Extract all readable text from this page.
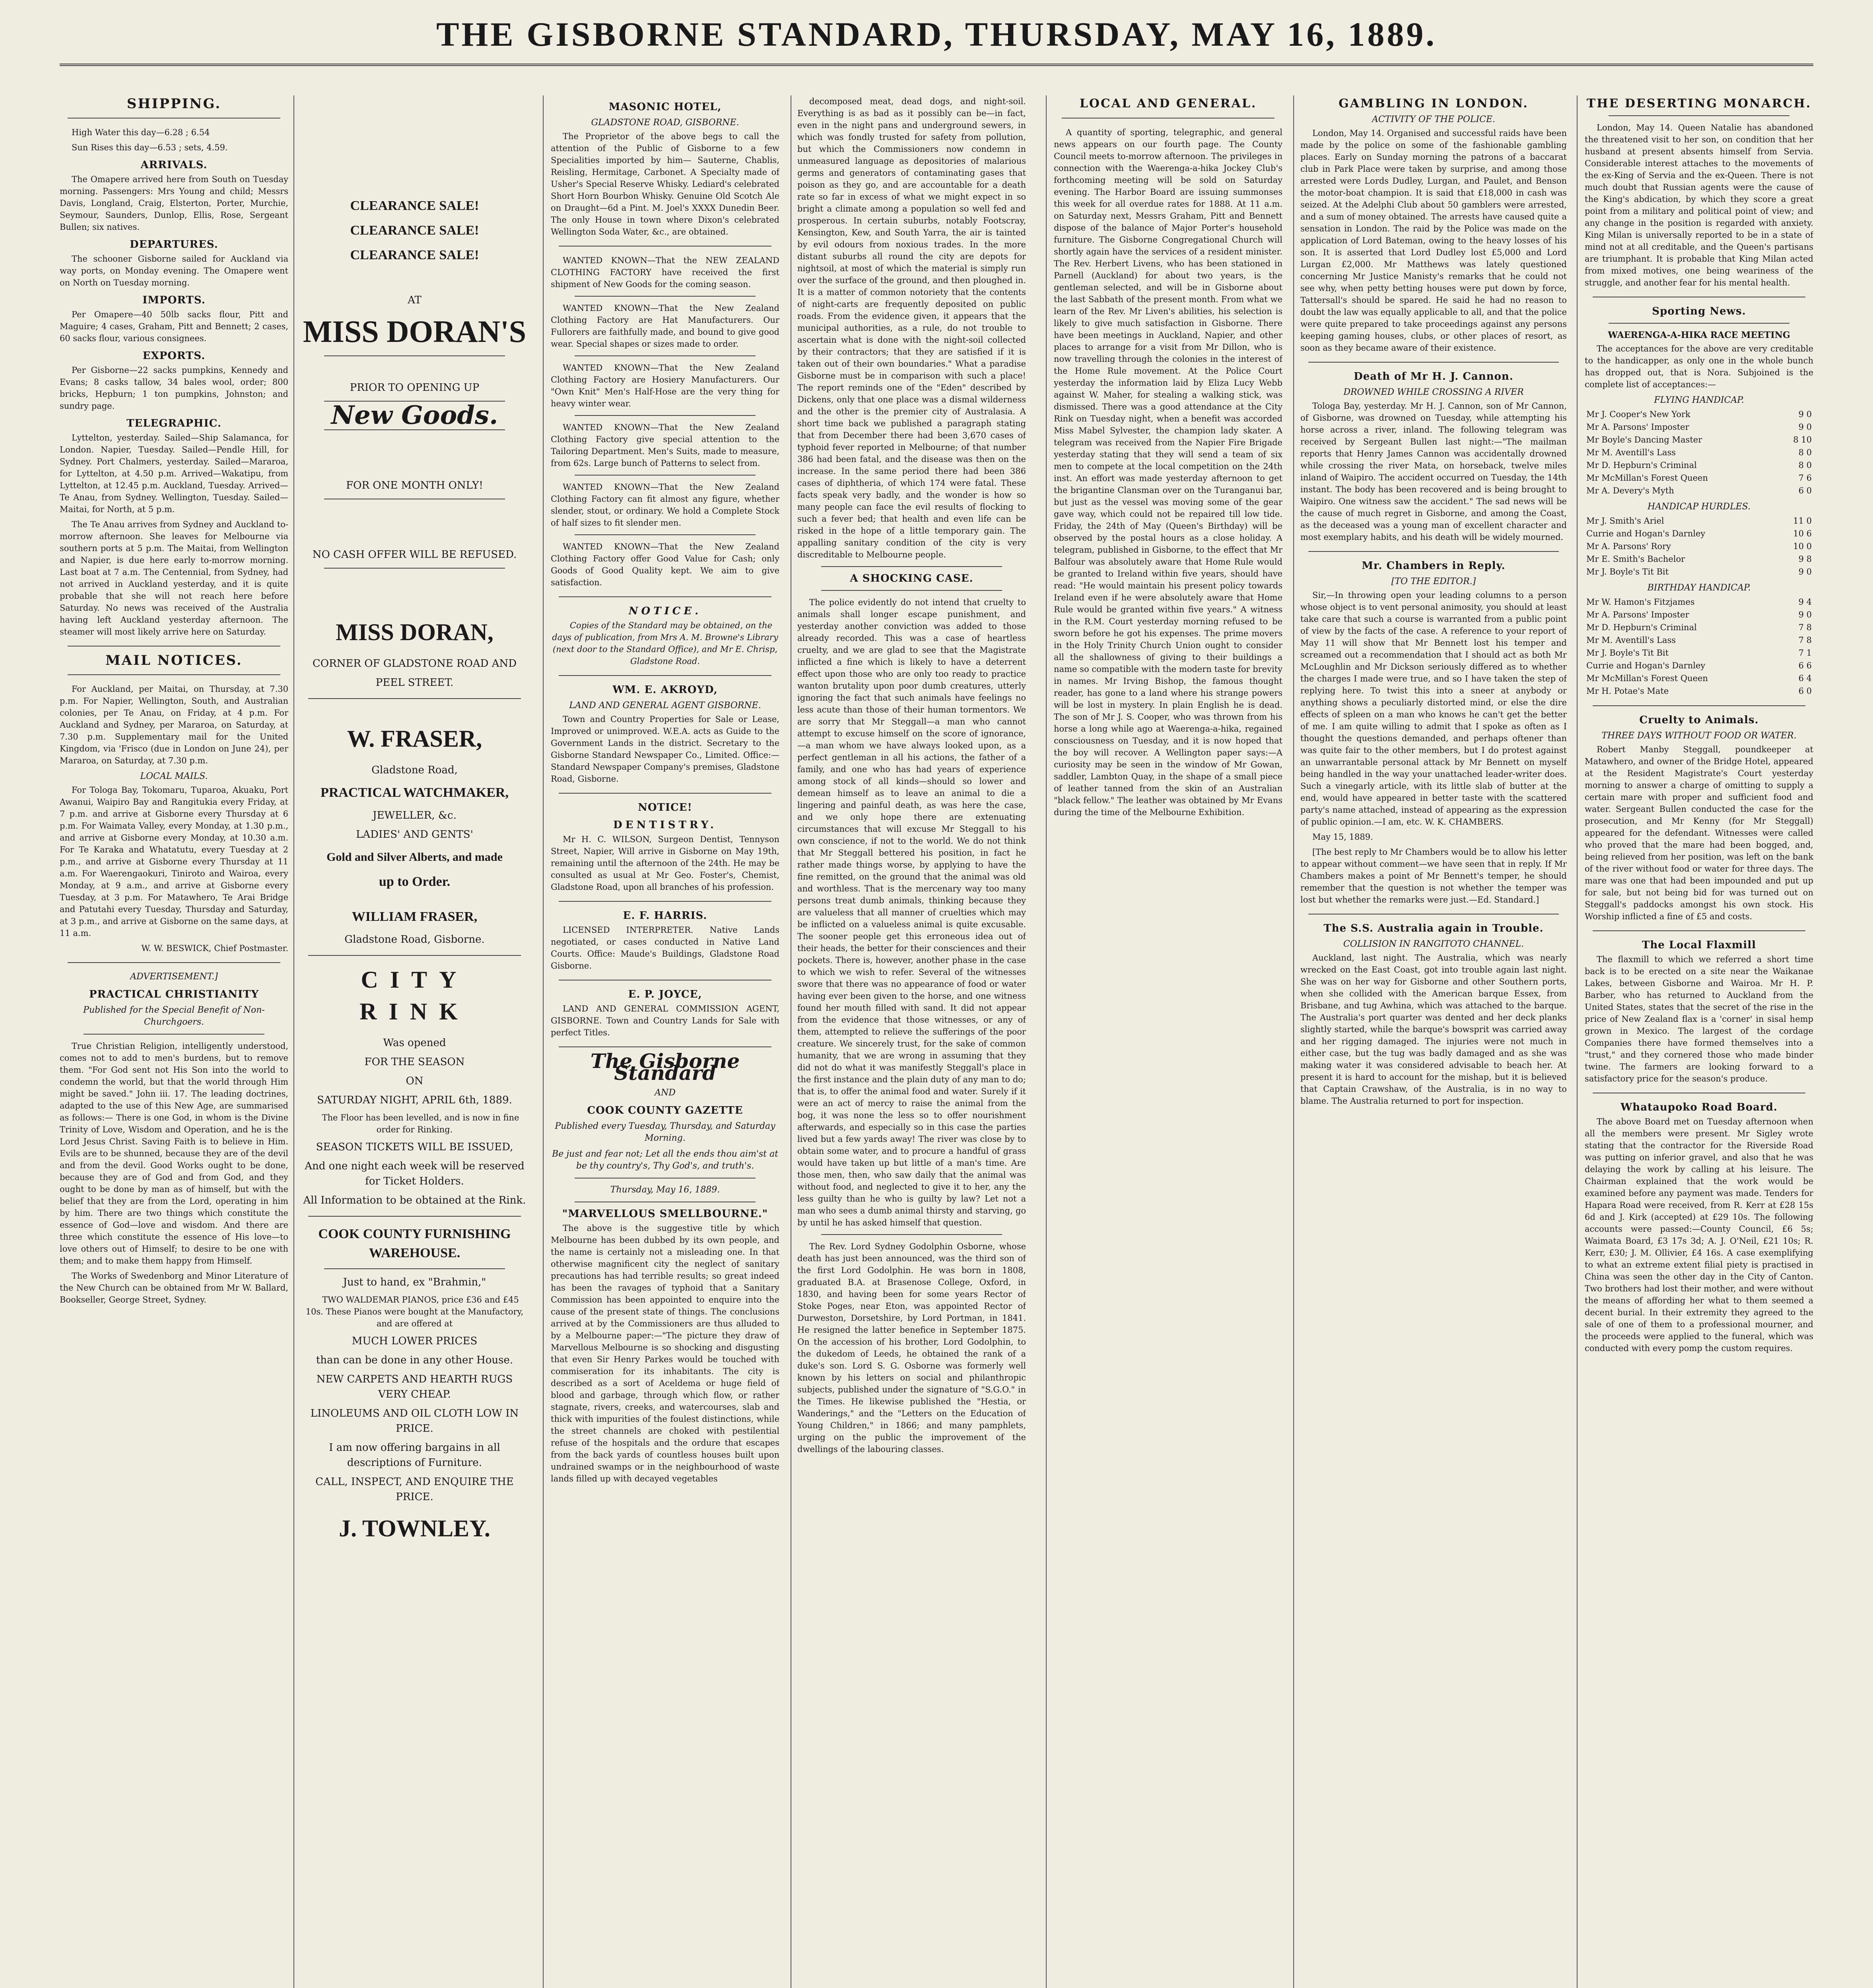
THE GISBORNE STANDARD, THURSDAY, MAY 16, 1889.
SHIPPING.

High Water this day—6.28 ; 6.54

Sun Rises this day—6.53 ; sets, 4.59.

ARRIVALS.

The Omapere arrived here from South on Tuesday morning. Passengers: Mrs Young and child; Messrs Davis, Longland, Craig, Elsterton, Porter, Murchie, Seymour, Saunders, Dunlop, Ellis, Rose, Sergeant Bullen; six natives.

DEPARTURES.

The schooner Gisborne sailed for Auckland via way ports, on Monday evening. The Omapere went on North on Tuesday morning.

IMPORTS.

Per Omapere—40 50lb sacks flour, Pitt and Maguire; 4 cases, Graham, Pitt and Bennett; 2 cases, 60 sacks flour, various consignees.

EXPORTS.

Per Gisborne—22 sacks pumpkins, Kennedy and Evans; 8 casks tallow, 34 bales wool, order; 800 bricks, Hepburn; 1 ton pumpkins, Johnston; and sundry page.

TELEGRAPHIC.

Lyttelton, yesterday. Sailed—Ship Salamanca, for London. Napier, Tuesday. Sailed—Pendle Hill, for Sydney. Port Chalmers, yesterday. Sailed—Mararoa, for Lyttelton, at 4.50 p.m. Arrived—Wakatipu, from Lyttelton, at 12.45 p.m. Auckland, Tuesday. Arrived—Te Anau, from Sydney. Wellington, Tuesday. Sailed—Maitai, for North, at 5 p.m.

The Te Anau arrives from Sydney and Auckland to-morrow afternoon. She leaves for Melbourne via southern ports at 5 p.m. The Maitai, from Wellington and Napier, is due here early to-morrow morning. Last boat at 7 a.m. The Centennial, from Sydney, had not arrived in Auckland yesterday, and it is quite probable that she will not reach here before Saturday. No news was received of the Australia having left Auckland yesterday afternoon. The steamer will most likely arrive here on Saturday.

MAIL NOTICES.

For Auckland, per Maitai, on Thursday, at 7.30 p.m. For Napier, Wellington, South, and Australian colonies, per Te Anau, on Friday, at 4 p.m. For Auckland and Sydney, per Mararoa, on Saturday, at 7.30 p.m. Supplementary mail for the United Kingdom, via 'Frisco (due in London on June 24), per Mararoa, on Saturday, at 7.30 p.m.

LOCAL MAILS.

For Tologa Bay, Tokomaru, Tuparoa, Akuaku, Port Awanui, Waipiro Bay and Rangitukia every Friday, at 7 p.m. and arrive at Gisborne every Thursday at 6 p.m. For Waimata Valley, every Monday, at 1.30 p.m., and arrive at Gisborne every Monday, at 10.30 a.m. For Te Karaka and Whatatutu, every Tuesday at 2 p.m., and arrive at Gisborne every Thursday at 11 a.m. For Waerengaokuri, Tiniroto and Wairoa, every Monday, at 9 a.m., and arrive at Gisborne every Tuesday, at 3 p.m. For Matawhero, Te Arai Bridge and Patutahi every Tuesday, Thursday and Saturday, at 3 p.m., and arrive at Gisborne on the same days, at 11 a.m.

W. W. BESWICK, Chief Postmaster.

ADVERTISEMENT.]
PRACTICAL CHRISTIANITY
Published for the Special Benefit of Non-Churchgoers.

True Christian Religion, intelligently understood, comes not to add to men's burdens, but to remove them. "For God sent not His Son into the world to condemn the world, but that the world through Him might be saved." John iii. 17. The leading doctrines, adapted to the use of this New Age, are summarised as follows:— There is one God, in whom is the Divine Trinity of Love, Wisdom and Operation, and he is the Lord Jesus Christ. Saving Faith is to believe in Him. Evils are to be shunned, because they are of the devil and from the devil. Good Works ought to be done, because they are of God and from God, and they ought to be done by man as of himself, but with the belief that they are from the Lord, operating in him by him. There are two things which constitute the essence of God—love and wisdom. And there are three which constitute the essence of His love—to love others out of Himself; to desire to be one with them; and to make them happy from Himself.

The Works of Swedenborg and Minor Literature of the New Church can be obtained from Mr W. Ballard, Bookseller, George Street, Sydney.

CLEARANCE SALE!
CLEARANCE SALE!
CLEARANCE SALE!
AT
MISS DORAN'S
PRIOR TO OPENING UP
New Goods.
FOR ONE MONTH ONLY!
NO CASH OFFER WILL BE REFUSED.
MISS DORAN,
CORNER OF GLADSTONE ROAD AND
PEEL STREET.
W. FRASER,
Gladstone Road,
PRACTICAL WATCHMAKER,
JEWELLER, &c.
LADIES' AND GENTS'
Gold and Silver Alberts, and made
up to Order.
WILLIAM FRASER,
Gladstone Road, Gisborne.
CITY RINK
Was opened
FOR THE SEASON
ON
SATURDAY NIGHT, APRIL 6th, 1889.

The Floor has been levelled, and is now in fine order for Rinking.

SEASON TICKETS WILL BE ISSUED,
And one night each week will be reserved for Ticket Holders.
All Information to be obtained at the Rink.
COOK COUNTY FURNISHING WAREHOUSE.
Just to hand, ex "Brahmin,"

TWO WALDEMAR PIANOS, price £36 and £45 10s. These Pianos were bought at the Manufactory, and are offered at

MUCH LOWER PRICES
than can be done in any other House.
NEW CARPETS AND HEARTH RUGS VERY CHEAP.
LINOLEUMS AND OIL CLOTH LOW IN PRICE.
I am now offering bargains in all descriptions of Furniture.
CALL, INSPECT, AND ENQUIRE THE PRICE.
J. TOWNLEY.
MASONIC HOTEL,
GLADSTONE ROAD, GISBORNE.

The Proprietor of the above begs to call the attention of the Public of Gisborne to a few Specialities imported by him— Sauterne, Chablis, Reisling, Hermitage, Carbonet. A Specialty made of Usher's Special Reserve Whisky. Lediard's celebrated Short Horn Bourbon Whisky. Genuine Old Scotch Ale on Draught—6d a Pint. M. Joel's XXXX Dunedin Beer. The only House in town where Dixon's celebrated Wellington Soda Water, &c., are obtained.

WANTED KNOWN—That the NEW ZEALAND CLOTHING FACTORY have received the first shipment of New Goods for the coming season.

WANTED KNOWN—That the New Zealand Clothing Factory are Hat Manufacturers. Our Fullorers are faithfully made, and bound to give good wear. Special shapes or sizes made to order.

WANTED KNOWN—That the New Zealand Clothing Factory are Hosiery Manufacturers. Our "Own Knit" Men's Half-Hose are the very thing for heavy winter wear.

WANTED KNOWN—That the New Zealand Clothing Factory give special attention to the Tailoring Department. Men's Suits, made to measure, from 62s. Large bunch of Patterns to select from.

WANTED KNOWN—That the New Zealand Clothing Factory can fit almost any figure, whether slender, stout, or ordinary. We hold a Complete Stock of half sizes to fit slender men.

WANTED KNOWN—That the New Zealand Clothing Factory offer Good Value for Cash; only Goods of Good Quality kept. We aim to give satisfaction.

NOTICE.

Copies of the Standard may be obtained, on the days of publication, from Mrs A. M. Browne's Library (next door to the Standard Office), and Mr E. Chrisp, Gladstone Road.

WM. E. AKROYD,
LAND AND GENERAL AGENT GISBORNE.

Town and Country Properties for Sale or Lease, Improved or unimproved. W.E.A. acts as Guide to the Government Lands in the district. Secretary to the Gisborne Standard Newspaper Co., Limited. Office:—Standard Newspaper Company's premises, Gladstone Road, Gisborne.

NOTICE!
DENTISTRY.

Mr H. C. WILSON, Surgeon Dentist, Tennyson Street, Napier, Will arrive in Gisborne on May 19th, remaining until the afternoon of the 24th. He may be consulted as usual at Mr Geo. Foster's, Chemist, Gladstone Road, upon all branches of his profession.

E. F. HARRIS.

LICENSED INTERPRETER. Native Lands negotiated, or cases conducted in Native Land Courts. Office: Maude's Buildings, Gladstone Road Gisborne.

E. P. JOYCE,

LAND AND GENERAL COMMISSION AGENT, GISBORNE. Town and Country Lands for Sale with perfect Titles.

The Gisborne Standard
AND
COOK COUNTY GAZETTE
Published every Tuesday, Thursday, and Saturday Morning.
Be just and fear not; Let all the ends thou aim'st at be thy country's, Thy God's, and truth's.
Thursday, May 16, 1889.
"MARVELLOUS SMELLBOURNE."

The above is the suggestive title by which Melbourne has been dubbed by its own people, and the name is certainly not a misleading one. In that otherwise magnificent city the neglect of sanitary precautions has had terrible results; so great indeed has been the ravages of typhoid that a Sanitary Commission has been appointed to enquire into the cause of the present state of things. The conclusions arrived at by the Commissioners are thus alluded to by a Melbourne paper:—"The picture they draw of Marvellous Melbourne is so shocking and disgusting that even Sir Henry Parkes would be touched with commiseration for its inhabitants. The city is described as a sort of Aceldema or huge field of blood and garbage, through which flow, or rather stagnate, rivers, creeks, and watercourses, slab and thick with impurities of the foulest distinctions, while the street channels are choked with pestilential refuse of the hospitals and the ordure that escapes from the back yards of countless houses built upon undrained swamps or in the neighbourhood of waste lands filled up with decayed vegetables

decomposed meat, dead dogs, and night-soil. Everything is as bad as it possibly can be—in fact, even in the night pans and underground sewers, in which was fondly trusted for safety from pollution, but which the Commissioners now condemn in unmeasured language as depositories of malarious germs and generators of contaminating gases that poison as they go, and are accountable for a death rate so far in excess of what we might expect in so bright a climate among a population so well fed and prosperous. In certain suburbs, notably Footscray, Kensington, Kew, and South Yarra, the air is tainted by evil odours from noxious trades. In the more distant suburbs all round the city are depots for nightsoil, at most of which the material is simply run over the surface of the ground, and then ploughed in. It is a matter of common notoriety that the contents of night-carts are frequently deposited on public roads. From the evidence given, it appears that the municipal authorities, as a rule, do not trouble to ascertain what is done with the night-soil collected by their contractors; that they are satisfied if it is taken out of their own boundaries." What a paradise Gisborne must be in comparison with such a place! The report reminds one of the "Eden" described by Dickens, only that one place was a dismal wilderness and the other is the premier city of Australasia. A short time back we published a paragraph stating that from December there had been 3,670 cases of typhoid fever reported in Melbourne; of that number 386 had been fatal, and the disease was then on the increase. In the same period there had been 386 cases of diphtheria, of which 174 were fatal. These facts speak very badly, and the wonder is how so many people can face the evil results of flocking to such a fever bed; that health and even life can be risked in the hope of a little temporary gain. The appalling sanitary condition of the city is very discreditable to Melbourne people.

A SHOCKING CASE.

The police evidently do not intend that cruelty to animals shall longer escape punishment, and yesterday another conviction was added to those already recorded. This was a case of heartless cruelty, and we are glad to see that the Magistrate inflicted a fine which is likely to have a deterrent effect upon those who are only too ready to practice wanton brutality upon poor dumb creatures, utterly ignoring the fact that such animals have feelings no less acute than those of their human tormentors. We are sorry that Mr Steggall—a man who cannot attempt to excuse himself on the score of ignorance,—a man whom we have always looked upon, as a perfect gentleman in all his actions, the father of a family, and one who has had years of experience among stock of all kinds—should so lower and demean himself as to leave an animal to die a lingering and painful death, as was here the case, and we only hope there are extenuating circumstances that will excuse Mr Steggall to his own conscience, if not to the world. We do not think that Mr Steggall bettered his position, in fact he rather made things worse, by applying to have the fine remitted, on the ground that the animal was old and worthless. That is the mercenary way too many persons treat dumb animals, thinking because they are valueless that all manner of cruelties which may be inflicted on a valueless animal is quite excusable. The sooner people get this erroneous idea out of their heads, the better for their consciences and their pockets. There is, however, another phase in the case to which we wish to refer. Several of the witnesses swore that there was no appearance of food or water having ever been given to the horse, and one witness found her mouth filled with sand. It did not appear from the evidence that those witnesses, or any of them, attempted to relieve the sufferings of the poor creature. We sincerely trust, for the sake of common humanity, that we are wrong in assuming that they did not do what it was manifestly Steggall's place in the first instance and the plain duty of any man to do; that is, to offer the animal food and water. Surely if it were an act of mercy to raise the animal from the bog, it was none the less so to offer nourishment afterwards, and especially so in this case the parties lived but a few yards away! The river was close by to obtain some water, and to procure a handful of grass would have taken up but little of a man's time. Are those men, then, who saw daily that the animal was without food, and neglected to give it to her, any the less guilty than he who is guilty by law? Let not a man who sees a dumb animal thirsty and starving, go by until he has asked himself that question.

The Rev. Lord Sydney Godolphin Osborne, whose death has just been announced, was the third son of the first Lord Godolphin. He was born in 1808, graduated B.A. at Brasenose College, Oxford, in 1830, and having been for some years Rector of Stoke Poges, near Eton, was appointed Rector of Durweston, Dorsetshire, by Lord Portman, in 1841. He resigned the latter benefice in September 1875. On the accession of his brother, Lord Godolphin, to the dukedom of Leeds, he obtained the rank of a duke's son. Lord S. G. Osborne was formerly well known by his letters on social and philanthropic subjects, published under the signature of "S.G.O." in the Times. He likewise published the "Hestia, or Wanderings," and the "Letters on the Education of Young Children," in 1866; and many pamphlets, urging on the public the improvement of the dwellings of the labouring classes.

LOCAL AND GENERAL.

A quantity of sporting, telegraphic, and general news appears on our fourth page. The County Council meets to-morrow afternoon. The privileges in connection with the Waerenga-a-hika Jockey Club's forthcoming meeting will be sold on Saturday evening. The Harbor Board are issuing summonses this week for all overdue rates for 1888. At 11 a.m. on Saturday next, Messrs Graham, Pitt and Bennett dispose of the balance of Major Porter's household furniture. The Gisborne Congregational Church will shortly again have the services of a resident minister. The Rev. Herbert Livens, who has been stationed in Parnell (Auckland) for about two years, is the gentleman selected, and will be in Gisborne about the last Sabbath of the present month. From what we learn of the Rev. Mr Liven's abilities, his selection is likely to give much satisfaction in Gisborne. There have been meetings in Auckland, Napier, and other places to arrange for a visit from Mr Dillon, who is now travelling through the colonies in the interest of the Home Rule movement. At the Police Court yesterday the information laid by Eliza Lucy Webb against W. Maher, for stealing a walking stick, was dismissed. There was a good attendance at the City Rink on Tuesday night, when a benefit was accorded Miss Mabel Sylvester, the champion lady skater. A telegram was received from the Napier Fire Brigade yesterday stating that they will send a team of six men to compete at the local competition on the 24th inst. An effort was made yesterday afternoon to get the brigantine Clansman over on the Turanganui bar, but just as the vessel was moving some of the gear gave way, which could not be repaired till low tide. Friday, the 24th of May (Queen's Birthday) will be observed by the postal hours as a close holiday. A telegram, published in Gisborne, to the effect that Mr Balfour was absolutely aware that Home Rule would be granted to Ireland within five years, should have read: "He would maintain his present policy towards Ireland even if he were absolutely aware that Home Rule would be granted within five years." A witness in the R.M. Court yesterday morning refused to be sworn before he got his expenses. The prime movers in the Holy Trinity Church Union ought to consider all the shallowness of giving to their buildings a name so compatible with the modern taste for brevity in names. Mr Irving Bishop, the famous thought reader, has gone to a land where his strange powers will be lost in mystery. In plain English he is dead. The son of Mr J. S. Cooper, who was thrown from his horse a long while ago at Waerenga-a-hika, regained consciousness on Tuesday, and it is now hoped that the boy will recover. A Wellington paper says:—A curiosity may be seen in the window of Mr Gowan, saddler, Lambton Quay, in the shape of a small piece of leather tanned from the skin of an Australian "black fellow." The leather was obtained by Mr Evans during the time of the Melbourne Exhibition.

GAMBLING IN LONDON.
ACTIVITY OF THE POLICE.

London, May 14. Organised and successful raids have been made by the police on some of the fashionable gambling places. Early on Sunday morning the patrons of a baccarat club in Park Place were taken by surprise, and among those arrested were Lords Dudley, Lurgan, and Paulet, and Benson the motor-boat champion. It is said that £18,000 in cash was seized. At the Adelphi Club about 50 gamblers were arrested, and a sum of money obtained. The arrests have caused quite a sensation in London. The raid by the Police was made on the application of Lord Bateman, owing to the heavy losses of his son. It is asserted that Lord Dudley lost £5,000 and Lord Lurgan £2,000. Mr Matthews was lately questioned concerning Mr Justice Manisty's remarks that he could not see why, when petty betting houses were put down by force, Tattersall's should be spared. He said he had no reason to doubt the law was equally applicable to all, and that the police were quite prepared to take proceedings against any persons keeping gaming houses, clubs, or other places of resort, as soon as they became aware of their existence.

Death of Mr H. J. Cannon.
DROWNED WHILE CROSSING A RIVER

Tologa Bay, yesterday. Mr H. J. Cannon, son of Mr Cannon, of Gisborne, was drowned on Tuesday, while attempting his horse across a river, inland. The following telegram was received by Sergeant Bullen last night:—"The mailman reports that Henry James Cannon was accidentally drowned while crossing the river Mata, on horseback, twelve miles inland of Waipiro. The accident occurred on Tuesday, the 14th instant. The body has been recovered and is being brought to Waipiro. One witness saw the accident." The sad news will be the cause of much regret in Gisborne, and among the Coast, as the deceased was a young man of excellent character and most exemplary habits, and his death will be widely mourned.

Mr. Chambers in Reply.
[TO THE EDITOR.]

Sir,—In throwing open your leading columns to a person whose object is to vent personal animosity, you should at least take care that such a course is warranted from a public point of view by the facts of the case. A reference to your report of May 11 will show that Mr Bennett lost his temper and screamed out a recommendation that I should act as both Mr McLoughlin and Mr Dickson seriously differed as to whether the charges I made were true, and so I have taken the step of replying here. To twist this into a sneer at anybody or anything shows a peculiarly distorted mind, or else the dire effects of spleen on a man who knows he can't get the better of me. I am quite willing to admit that I spoke as often as I thought the questions demanded, and perhaps oftener than was quite fair to the other members, but I do protest against an unwarrantable personal attack by Mr Bennett on myself being handled in the way your unattached leader-writer does. Such a vinegarly article, with its little slab of butter at the end, would have appeared in better taste with the scattered party's name attached, instead of appearing as the expression of public opinion.—I am, etc. W. K. CHAMBERS.

May 15, 1889.

[The best reply to Mr Chambers would be to allow his letter to appear without comment—we have seen that in reply. If Mr Chambers makes a point of Mr Bennett's temper, he should remember that the question is not whether the temper was lost but whether the remarks were just.—Ed. Standard.]

The S.S. Australia again in Trouble.
COLLISION IN RANGITOTO CHANNEL.

Auckland, last night. The Australia, which was nearly wrecked on the East Coast, got into trouble again last night. She was on her way for Gisborne and other Southern ports, when she collided with the American barque Essex, from Brisbane, and tug Awhina, which was attached to the barque. The Australia's port quarter was dented and her deck planks slightly started, while the barque's bowsprit was carried away and her rigging damaged. The injuries were not much in either case, but the tug was badly damaged and as she was making water it was considered advisable to beach her. At present it is hard to account for the mishap, but it is believed that Captain Crawshaw, of the Australia, is in no way to blame. The Australia returned to port for inspection.

THE DESERTING MONARCH.

London, May 14. Queen Natalie has abandoned the threatened visit to her son, on condition that her husband at present absents himself from Servia. Considerable interest attaches to the movements of the ex-King of Servia and the ex-Queen. There is not much doubt that Russian agents were the cause of the King's abdication, by which they score a great point from a military and political point of view; and any change in the position is regarded with anxiety. King Milan is universally reported to be in a state of mind not at all creditable, and the Queen's partisans are triumphant. It is probable that King Milan acted from mixed motives, one being weariness of the struggle, and another fear for his mental health.

Sporting News.
WAERENGA-A-HIKA RACE MEETING

The acceptances for the above are very creditable to the handicapper, as only one in the whole bunch has dropped out, that is Nora. Subjoined is the complete list of acceptances:—

FLYING HANDICAP.
Mr J. Cooper's New York	9 0
Mr A. Parsons' Imposter	9 0
Mr Boyle's Dancing Master	8 10
Mr M. Aventill's Lass	8 0
Mr D. Hepburn's Criminal	8 0
Mr McMillan's Forest Queen	7 6
Mr A. Devery's Myth	6 0
HANDICAP HURDLES.
Mr J. Smith's Ariel	11 0
Currie and Hogan's Darnley	10 6
Mr A. Parsons' Rory	10 0
Mr E. Smith's Bachelor	9 8
Mr J. Boyle's Tit Bit	9 0
BIRTHDAY HANDICAP.
Mr W. Hamon's Fitzjames	9 4
Mr A. Parsons' Imposter	9 0
Mr D. Hepburn's Criminal	7 8
Mr M. Aventill's Lass	7 8
Mr J. Boyle's Tit Bit	7 1
Currie and Hogan's Darnley	6 6
Mr McMillan's Forest Queen	6 4
Mr H. Potae's Mate	6 0
Cruelty to Animals.
THREE DAYS WITHOUT FOOD OR WATER.

Robert Manby Steggall, poundkeeper at Matawhero, and owner of the Bridge Hotel, appeared at the Resident Magistrate's Court yesterday morning to answer a charge of omitting to supply a certain mare with proper and sufficient food and water. Sergeant Bullen conducted the case for the prosecution, and Mr Kenny (for Mr Steggall) appeared for the defendant. Witnesses were called who proved that the mare had been bogged, and, being relieved from her position, was left on the bank of the river without food or water for three days. The mare was one that had been impounded and put up for sale, but not being bid for was turned out on Steggall's paddocks amongst his own stock. His Worship inflicted a fine of £5 and costs.

The Local Flaxmill

The flaxmill to which we referred a short time back is to be erected on a site near the Waikanae Lakes, between Gisborne and Wairoa. Mr H. P. Barber, who has returned to Auckland from the United States, states that the secret of the rise in the price of New Zealand flax is a 'corner' in sisal hemp grown in Mexico. The largest of the cordage Companies there have formed themselves into a "trust," and they cornered those who made binder twine. The farmers are looking forward to a satisfactory price for the season's produce.

Whataupoko Road Board.

The above Board met on Tuesday afternoon when all the members were present. Mr Sigley wrote stating that the contractor for the Riverside Road was putting on inferior gravel, and also that he was delaying the work by calling at his leisure. The Chairman explained that the work would be examined before any payment was made. Tenders for Hapara Road were received, from R. Kerr at £28 15s 6d and J. Kirk (accepted) at £29 10s. The following accounts were passed:—County Council, £6 5s; Waimata Board, £3 17s 3d; A. J. O'Neil, £21 10s; R. Kerr, £30; J. M. Ollivier, £4 16s. A case exemplifying to what an extreme extent filial piety is practised in China was seen the other day in the City of Canton. Two brothers had lost their mother, and were without the means of affording her what to them seemed a decent burial. In their extremity they agreed to the sale of one of them to a professional mourner, and the proceeds were applied to the funeral, which was conducted with every pomp the custom requires.
